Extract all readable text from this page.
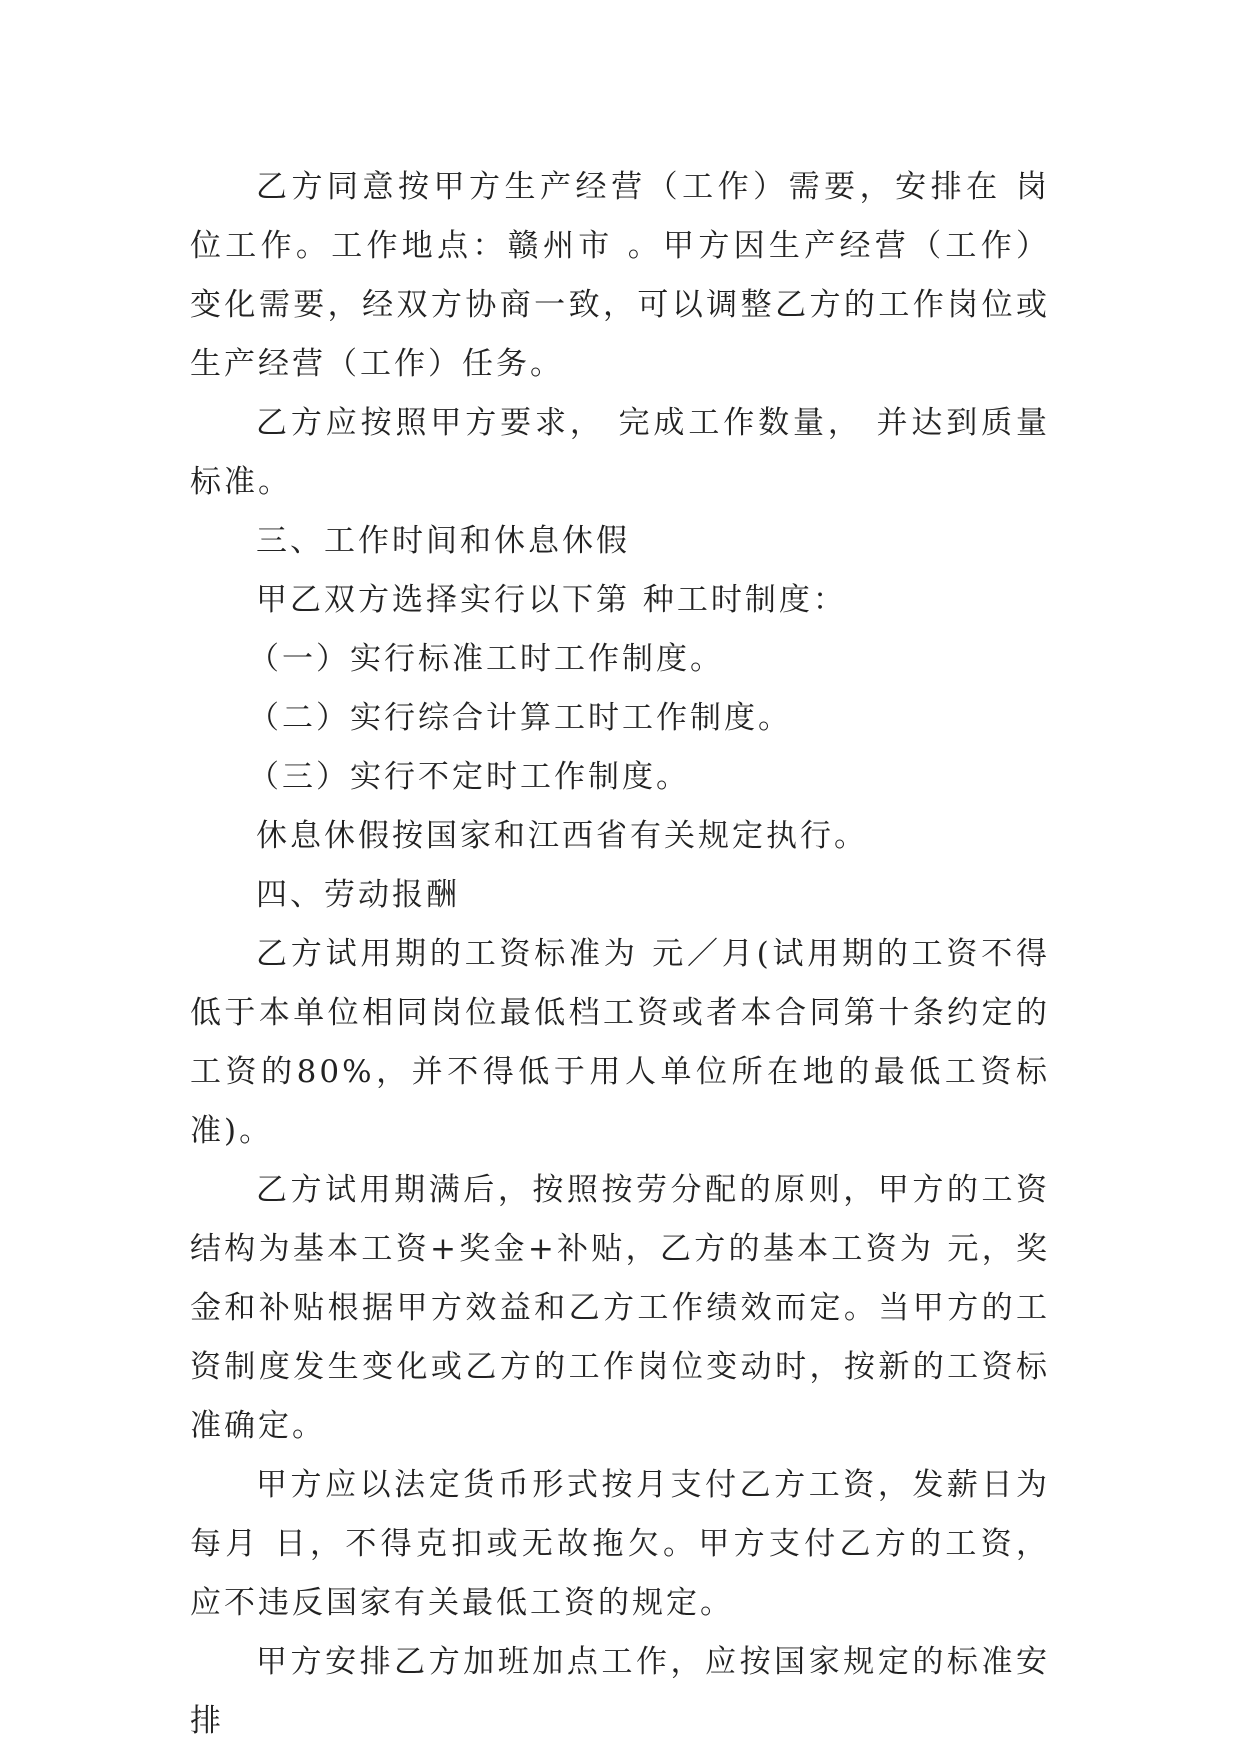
乙方同意按甲方生产经营（工作）需要，安排在 岗位工作。工作地点：赣州市 。甲方因生产经营（工作）变化需要，经双方协商一致，可以调整乙方的工作岗位或生产经营（工作）任务。

乙方应按照甲方要求， 完成工作数量， 并达到质量标准。

三、工作时间和休息休假

甲乙双方选择实行以下第 种工时制度：

（一）实行标准工时工作制度。

（二）实行综合计算工时工作制度。

（三）实行不定时工作制度。

休息休假按国家和江西省有关规定执行。

四、劳动报酬

乙方试用期的工资标准为 元／月(试用期的工资不得低于本单位相同岗位最低档工资或者本合同第十条约定的工资的80%，并不得低于用人单位所在地的最低工资标准)。

乙方试用期满后，按照按劳分配的原则，甲方的工资结构为基本工资+奖金+补贴，乙方的基本工资为 元，奖金和补贴根据甲方效益和乙方工作绩效而定。当甲方的工资制度发生变化或乙方的工作岗位变动时，按新的工资标准确定。

甲方应以法定货币形式按月支付乙方工资，发薪日为每月 日，不得克扣或无故拖欠。甲方支付乙方的工资，应不违反国家有关最低工资的规定。

甲方安排乙方加班加点工作，应按国家规定的标准安排
